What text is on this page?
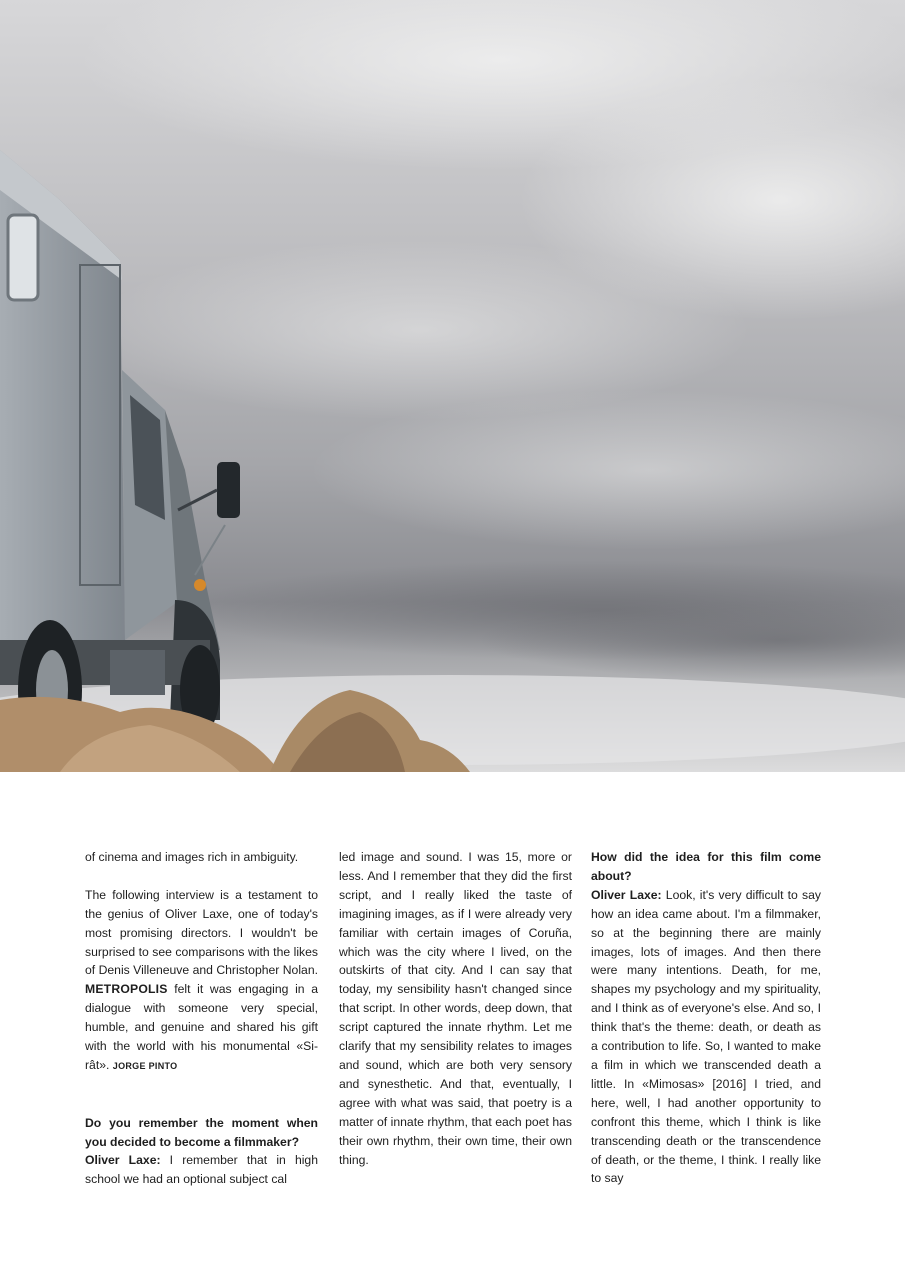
of cinema and images rich in ambiguity.

The following interview is a testament to the genius of Oliver Laxe, one of today's most promising directors. I wouldn't be surprised to see comparisons with the likes of Denis Villeneuve and Christopher Nolan. METROPOLIS felt it was engaging in a dialogue with someone very special, humble, and genuine and shared his gift with the world with his monumental «Sirât». JORGE PINTO

Do you remember the moment when you decided to become a filmmaker?

Oliver Laxe: I remember that in high school we had an optional subject cal

led image and sound. I was 15, more or less. And I remember that they did the first script, and I really liked the taste of imagining images, as if I were already very familiar with certain images of Coruña, which was the city where I lived, on the outskirts of that city. And I can say that today, my sensibility hasn't changed since that script. In other words, deep down, that script captured the innate rhythm. Let me clarify that my sensibility relates to images and sound, which are both very sensory and synesthetic. And that, eventually, I agree with what was said, that poetry is a matter of innate rhythm, that each poet has their own rhythm, their own time, their own thing.

How did the idea for this film come about?

Oliver Laxe: Look, it's very difficult to say how an idea came about. I'm a filmmaker, so at the beginning there are mainly images, lots of images. And then there were many intentions. Death, for me, shapes my psychology and my spirituality, and I think as of everyone's else. And so, I think that's the theme: death, or death as a contribution to life. So, I wanted to make a film in which we transcended death a little. In «Mimosas» [2016] I tried, and here, well, I had another opportunity to confront this theme, which I think is like transcending death or the transcendence of death, or the theme, I think. I really like to say
